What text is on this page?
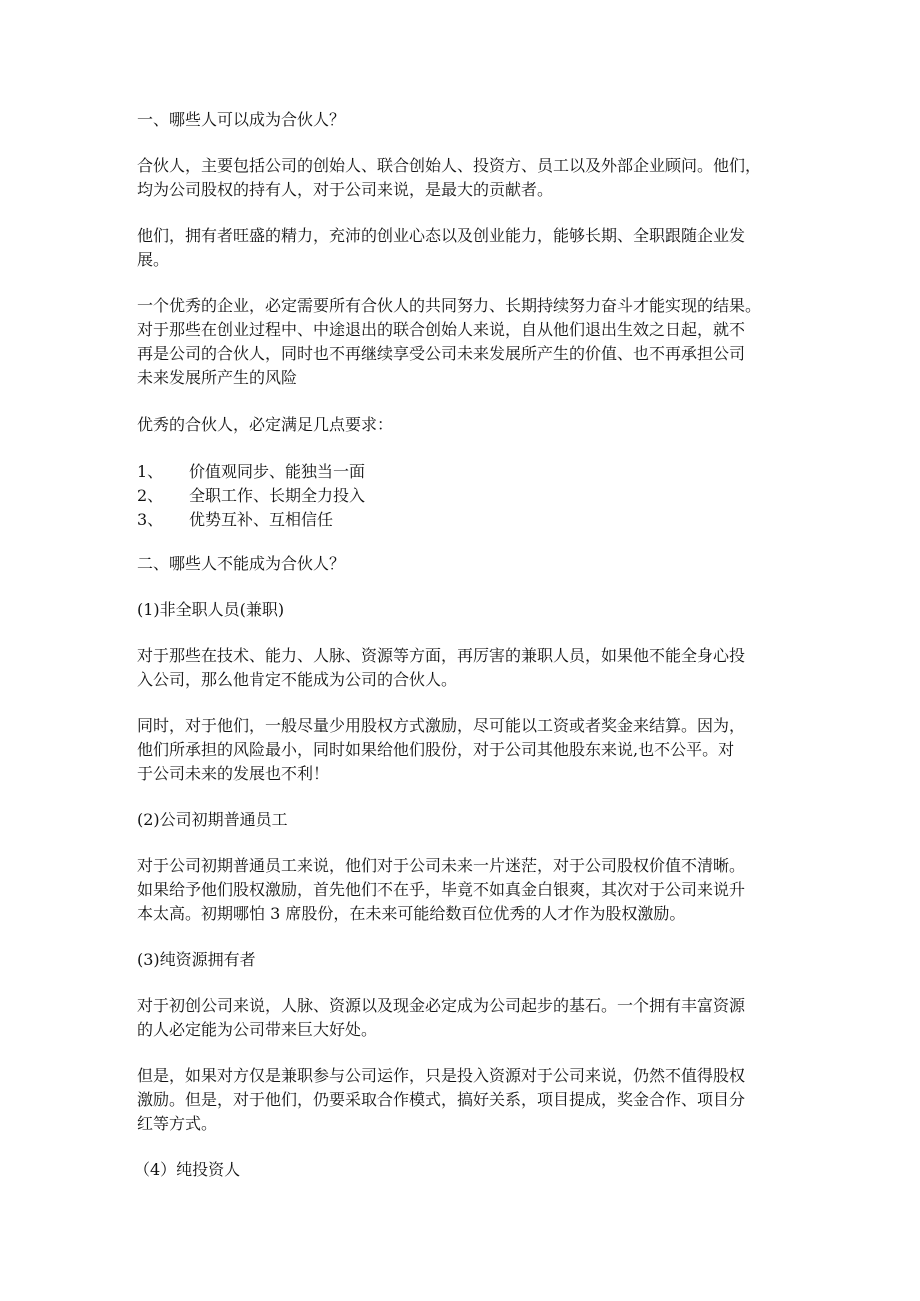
一、哪些人可以成为合伙人？
合伙人，主要包括公司的创始人、联合创始人、投资方、员工以及外部企业顾问。他们，
均为公司股权的持有人，对于公司来说，是最大的贡献者。
他们，拥有者旺盛的精力，充沛的创业心态以及创业能力，能够长期、全职跟随企业发
展。
一个优秀的企业，必定需要所有合伙人的共同努力、长期持续努力奋斗才能实现的结果。
对于那些在创业过程中、中途退出的联合创始人来说，自从他们退出生效之日起，就不
再是公司的合伙人，同时也不再继续享受公司未来发展所产生的价值、也不再承担公司
未来发展所产生的风险
优秀的合伙人，必定满足几点要求：
1、 价值观同步、能独当一面
2、 全职工作、长期全力投入
3、 优势互补、互相信任
二、哪些人不能成为合伙人？
(1)非全职人员(兼职)
对于那些在技术、能力、人脉、资源等方面，再厉害的兼职人员，如果他不能全身心投
入公司，那么他肯定不能成为公司的合伙人。
同时，对于他们，一般尽量少用股权方式激励，尽可能以工资或者奖金来结算。因为，
他们所承担的风险最小，同时如果给他们股份，对于公司其他股东来说,也不公平。对
于公司未来的发展也不利！
(2)公司初期普通员工
对于公司初期普通员工来说，他们对于公司未来一片迷茫，对于公司股权价值不清晰。
如果给予他们股权激励，首先他们不在乎，毕竟不如真金白银爽，其次对于公司来说升
本太高。初期哪怕 3 席股份，在未来可能给数百位优秀的人才作为股权激励。
(3)纯资源拥有者
对于初创公司来说，人脉、资源以及现金必定成为公司起步的基石。一个拥有丰富资源
的人必定能为公司带来巨大好处。
但是，如果对方仅是兼职参与公司运作，只是投入资源对于公司来说，仍然不值得股权
激励。但是，对于他们，仍要采取合作模式，搞好关系，项目提成，奖金合作、项目分
红等方式。
（4）纯投资人
